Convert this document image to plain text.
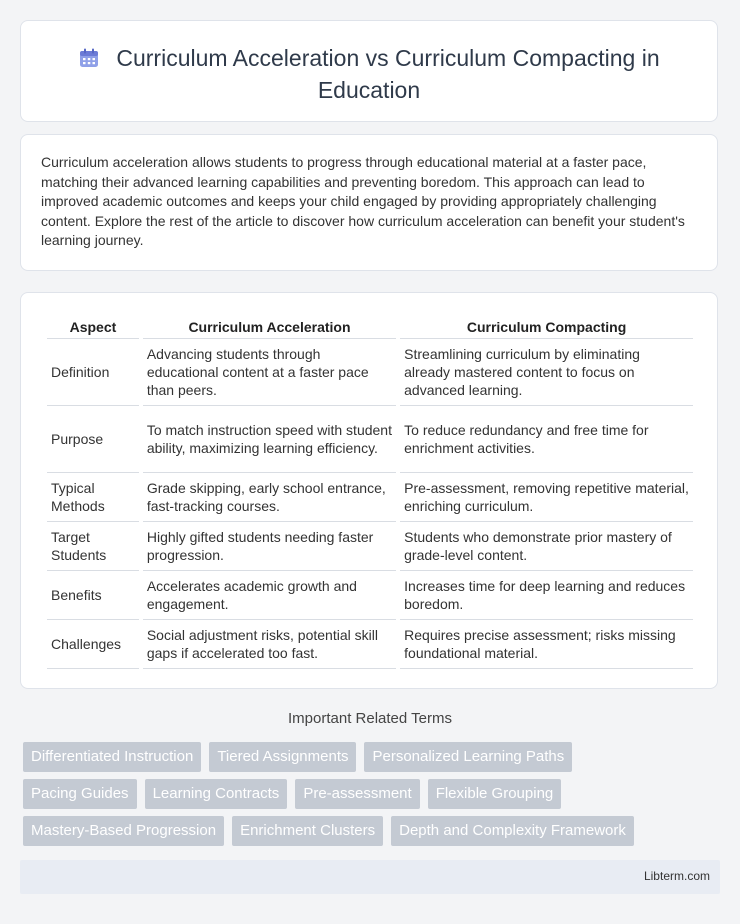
Curriculum Acceleration vs Curriculum Compacting in
Education
Curriculum acceleration allows students to progress through educational material at a faster pace, matching their advanced learning capabilities and preventing boredom. This approach can lead to improved academic outcomes and keeps your child engaged by providing appropriately challenging content. Explore the rest of the article to discover how curriculum acceleration can benefit your student's learning journey.
Aspect	Curriculum Acceleration	Curriculum Compacting
Definition	Advancing students through educational content at a faster pace than peers.	Streamlining curriculum by eliminating already mastered content to focus on advanced learning.
Purpose	To match instruction speed with student ability, maximizing learning efficiency.	To reduce redundancy and free time for enrichment activities.
Typical Methods	Grade skipping, early school entrance, fast-tracking courses.	Pre-assessment, removing repetitive material, enriching curriculum.
Target Students	Highly gifted students needing faster progression.	Students who demonstrate prior mastery of grade-level content.
Benefits	Accelerates academic growth and engagement.	Increases time for deep learning and reduces boredom.
Challenges	Social adjustment risks, potential skill gaps if accelerated too fast.	Requires precise assessment; risks missing foundational material.
Important Related Terms
Differentiated Instruction	Tiered Assignments	Personalized Learning Paths
Pacing Guides	Learning Contracts	Pre-assessment	Flexible Grouping
Mastery-Based Progression	Enrichment Clusters	Depth and Complexity Framework
Libterm.com
